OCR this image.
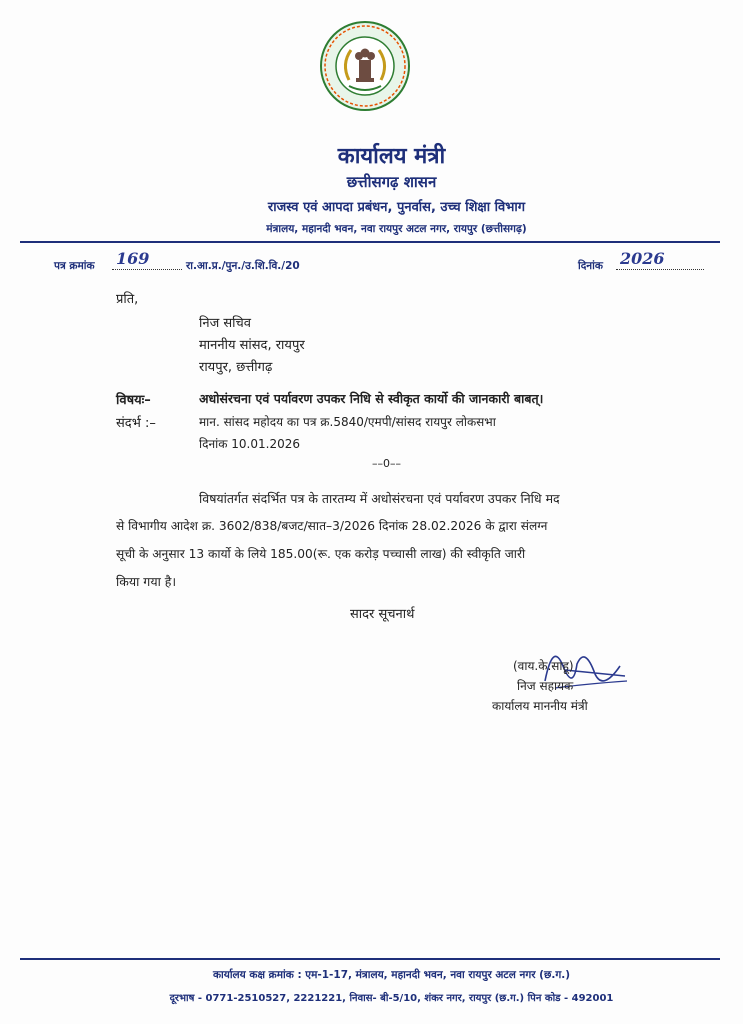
कार्यालय मंत्री
छत्तीसगढ़ शासन
राजस्व एवं आपदा प्रबंधन, पुनर्वास, उच्च शिक्षा विभाग
मंत्रालय, महानदी भवन, नवा रायपुर अटल नगर, रायपुर (छत्तीसगढ़)
पत्र क्रमांक 169	रा.आ.प्र./पुन./उ.शि.वि./20	दिनांक 2026
प्रति,
निज सचिव
माननीय सांसद, रायपुर
रायपुर, छत्तीगढ़
विषयः–	अधोसंरचना एवं पर्यावरण उपकर निधि से स्वीकृत कार्यो की जानकारी बाबत्।
संदर्भ :–	मान. सांसद महोदय का पत्र क्र.5840/एमपी/सांसद रायपुर लोकसभा
दिनांक 10.01.2026
––0––
विषयांतर्गत संदर्भित पत्र के तारतम्य में अधोसंरचना एवं पर्यावरण उपकर निधि मद
से विभागीय आदेश क्र. 3602/838/बजट/सात–3/2026 दिनांक 28.02.2026 के द्वारा संलग्न
सूची के अनुसार 13 कार्यो के लिये 185.00(रू. एक करोड़ पच्चासी लाख) की स्वीकृति जारी
किया गया है।
सादर सूचनार्थ
(वाय.के.साहू)
निज सहायक
कार्यालय माननीय मंत्री
कार्यालय कक्ष क्रमांक : एम-1-17, मंत्रालय, महानदी भवन, नवा रायपुर अटल नगर (छ.ग.)
दूरभाष - 0771-2510527, 2221221, निवास- बी-5/10, शंकर नगर, रायपुर (छ.ग.) पिन कोड - 492001
